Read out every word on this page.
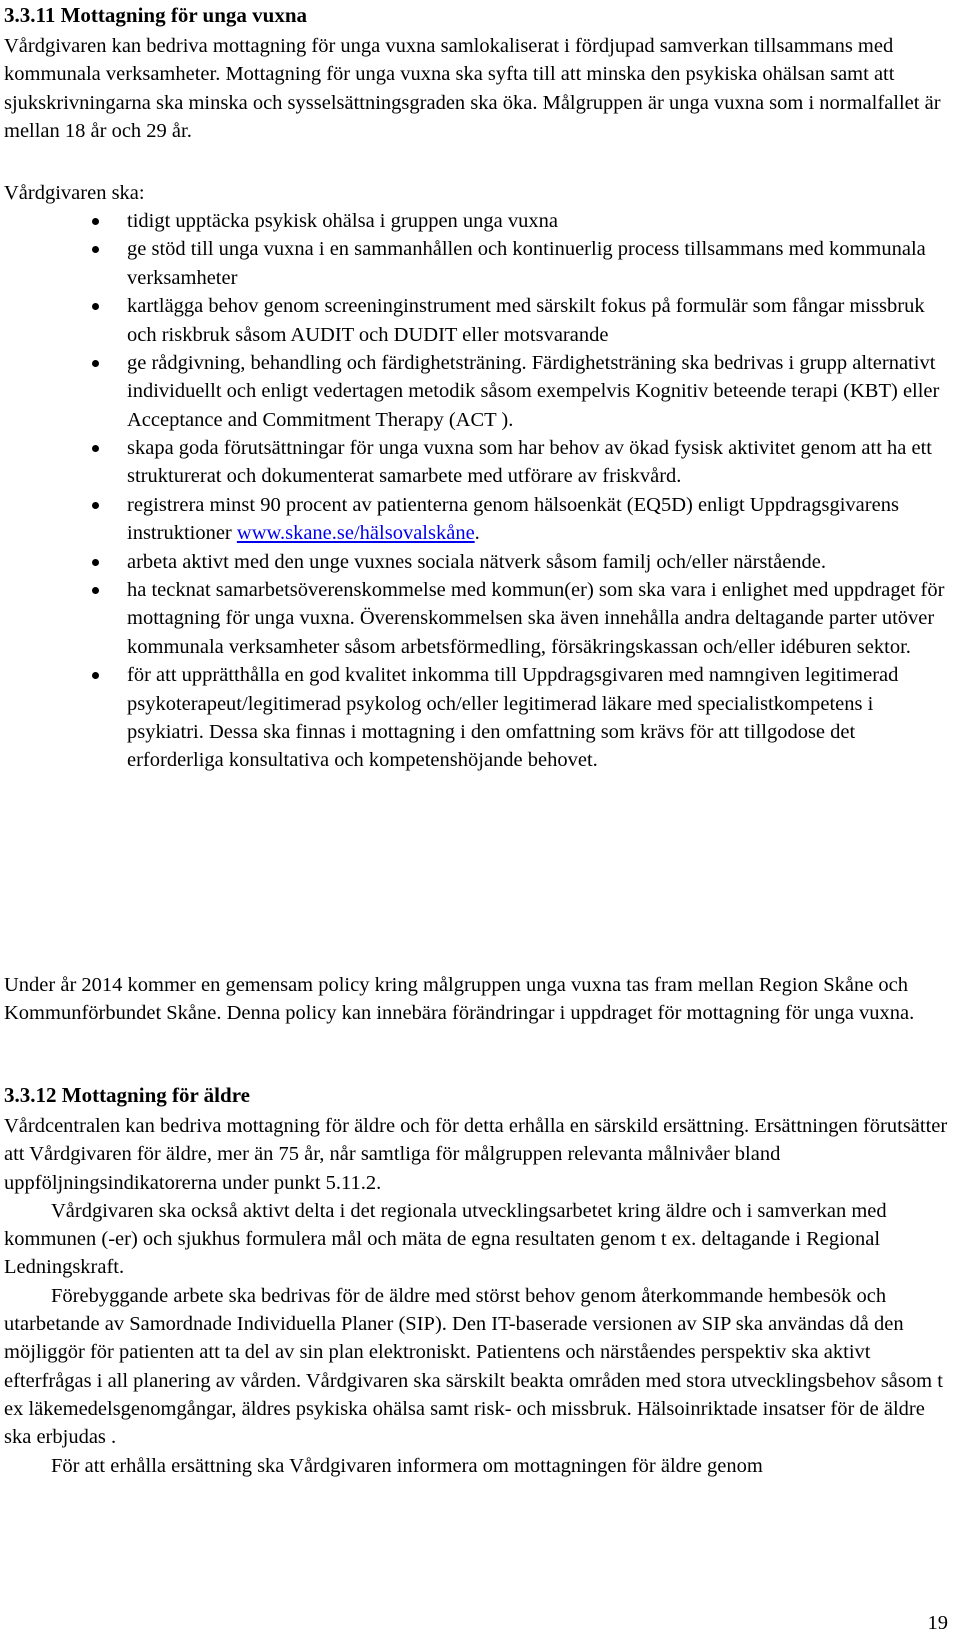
3.3.11 Mottagning för unga vuxna

Vårdgivaren kan bedriva mottagning för unga vuxna samlokaliserat i fördjupad samverkan tillsammans med kommunala verksamheter. Mottagning för unga vuxna ska syfta till att minska den psykiska ohälsan samt att sjukskrivningarna ska minska och sysselsättningsgraden ska öka. Målgruppen är unga vuxna som i normalfallet är mellan 18 år och 29 år.

Vårdgivaren ska:

tidigt upptäcka psykisk ohälsa i gruppen unga vuxna
ge stöd till unga vuxna i en sammanhållen och kontinuerlig process tillsammans med kommunala verksamheter
kartlägga behov genom screeninginstrument med särskilt fokus på formulär som fångar missbruk och riskbruk såsom AUDIT och DUDIT eller motsvarande
ge rådgivning, behandling och färdighetsträning. Färdighetsträning ska bedrivas i grupp alternativt individuellt och enligt vedertagen metodik såsom exempelvis Kognitiv beteende terapi (KBT) eller Acceptance and Commitment Therapy (ACT ).
skapa goda förutsättningar för unga vuxna som har behov av ökad fysisk aktivitet genom att ha ett strukturerat och dokumenterat samarbete med utförare av friskvård.
registrera minst 90 procent av patienterna genom hälsoenkät (EQ5D) enligt Uppdragsgivarens instruktioner www.skane.se/hälsovalskåne.
arbeta aktivt med den unge vuxnes sociala nätverk såsom familj och/eller närstående.
ha tecknat samarbetsöverenskommelse med kommun(er) som ska vara i enlighet med uppdraget för mottagning för unga vuxna. Överenskommelsen ska även innehålla andra deltagande parter utöver kommunala verksamheter såsom arbetsförmedling, försäkringskassan och/eller idéburen sektor.
för att upprätthålla en god kvalitet inkomma till Uppdragsgivaren med namngiven legitimerad psykoterapeut/legitimerad psykolog och/eller legitimerad läkare med specialistkompetens i psykiatri. Dessa ska finnas i mottagning i den omfattning som krävs för att tillgodose det erforderliga konsultativa och kompetenshöjande behovet.

Under år 2014 kommer en gemensam policy kring målgruppen unga vuxna tas fram mellan Region Skåne och Kommunförbundet Skåne. Denna policy kan innebära förändringar i uppdraget för mottagning för unga vuxna.

3.3.12 Mottagning för äldre

Vårdcentralen kan bedriva mottagning för äldre och för detta erhålla en särskild ersättning. Ersättningen förutsätter att Vårdgivaren för äldre, mer än 75 år, når samtliga för målgruppen relevanta målnivåer bland uppföljningsindikatorerna under punkt 5.11.2.

Vårdgivaren ska också aktivt delta i det regionala utvecklingsarbetet kring äldre och i samverkan med kommunen (-er) och sjukhus formulera mål och mäta de egna resultaten genom t ex. deltagande i Regional Ledningskraft.

Förebyggande arbete ska bedrivas för de äldre med störst behov genom återkommande hembesök och utarbetande av Samordnade Individuella Planer (SIP). Den IT-baserade versionen av SIP ska användas då den möjliggör för patienten att ta del av sin plan elektroniskt. Patientens och närståendes perspektiv ska aktivt efterfrågas i all planering av vården. Vårdgivaren ska särskilt beakta områden med stora utvecklingsbehov såsom t ex läkemedelsgenomgångar, äldres psykiska ohälsa samt risk- och missbruk. Hälsoinriktade insatser för de äldre ska erbjudas .

För att erhålla ersättning ska Vårdgivaren informera om mottagningen för äldre genom

19
